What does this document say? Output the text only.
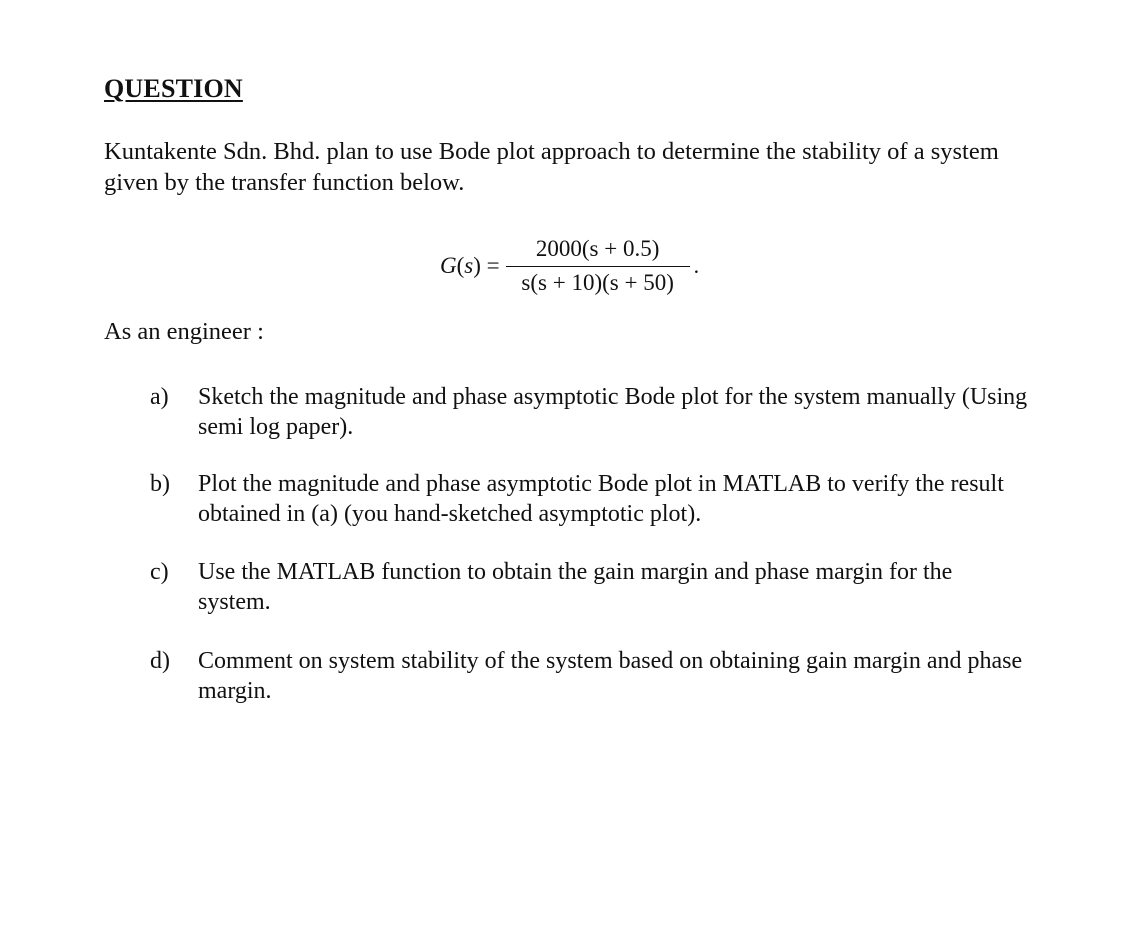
QUESTION
Kuntakente Sdn. Bhd. plan to use Bode plot approach to determine the stability of a system given by the transfer function below.
$G(s) = \frac{2000(s + 0.5)}{s(s + 10)(s + 50)}$ .
As an engineer :
a)	Sketch the magnitude and phase asymptotic Bode plot for the system manually (Using semi log paper).
b)	Plot the magnitude and phase asymptotic Bode plot in MATLAB to verify the result obtained in (a) (you hand-sketched asymptotic plot).
c)	Use the MATLAB function to obtain the gain margin and phase margin for the system.
d)	Comment on system stability of the system based on obtaining gain margin and phase margin.
